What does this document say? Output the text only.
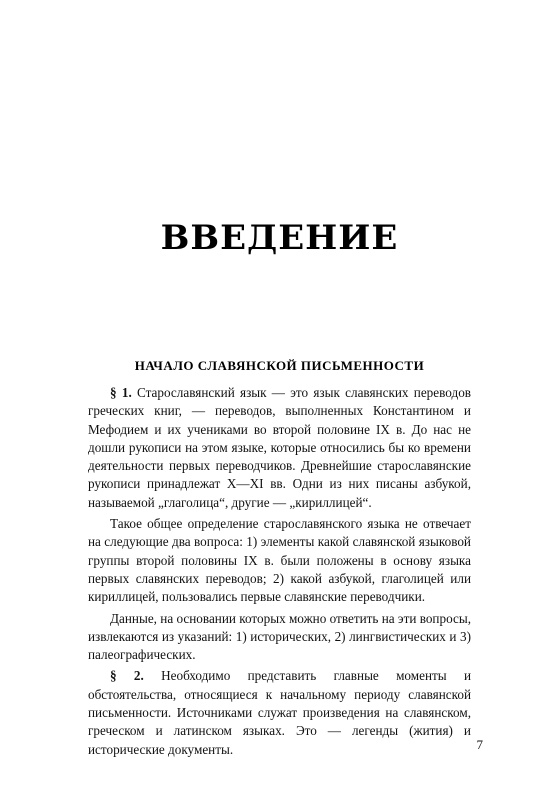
ВВЕДЕНИЕ
НАЧАЛО СЛАВЯНСКОЙ ПИСЬМЕННОСТИ

§ 1. Старославянский язык — это язык славянских переводов греческих книг, — переводов, выполненных Константином и Мефодием и их учениками во второй половине IX в. До нас не дошли рукописи на этом языке, которые относились бы ко времени деятельности первых переводчиков. Древнейшие старославянские рукописи принадлежат X—XI вв. Одни из них писаны азбукой, называемой „глаголица“, другие — „кириллицей“.

Такое общее определение старославянского языка не отвечает на следующие два вопроса: 1) элементы какой славянской языковой группы второй половины IX в. были положены в основу языка первых славянских переводов; 2) какой азбукой, глаголицей или кириллицей, пользовались первые славянские переводчики.

Данные, на основании которых можно ответить на эти вопросы, извлекаются из указаний: 1) исторических, 2) лингвистических и 3) палеографических.

§ 2. Необходимо представить главные моменты и обстоятельства, относящиеся к начальному периоду славянской письменности. Источниками служат произведения на славянском, греческом и латинском языках. Это — легенды (жития) и исторические документы.	7
